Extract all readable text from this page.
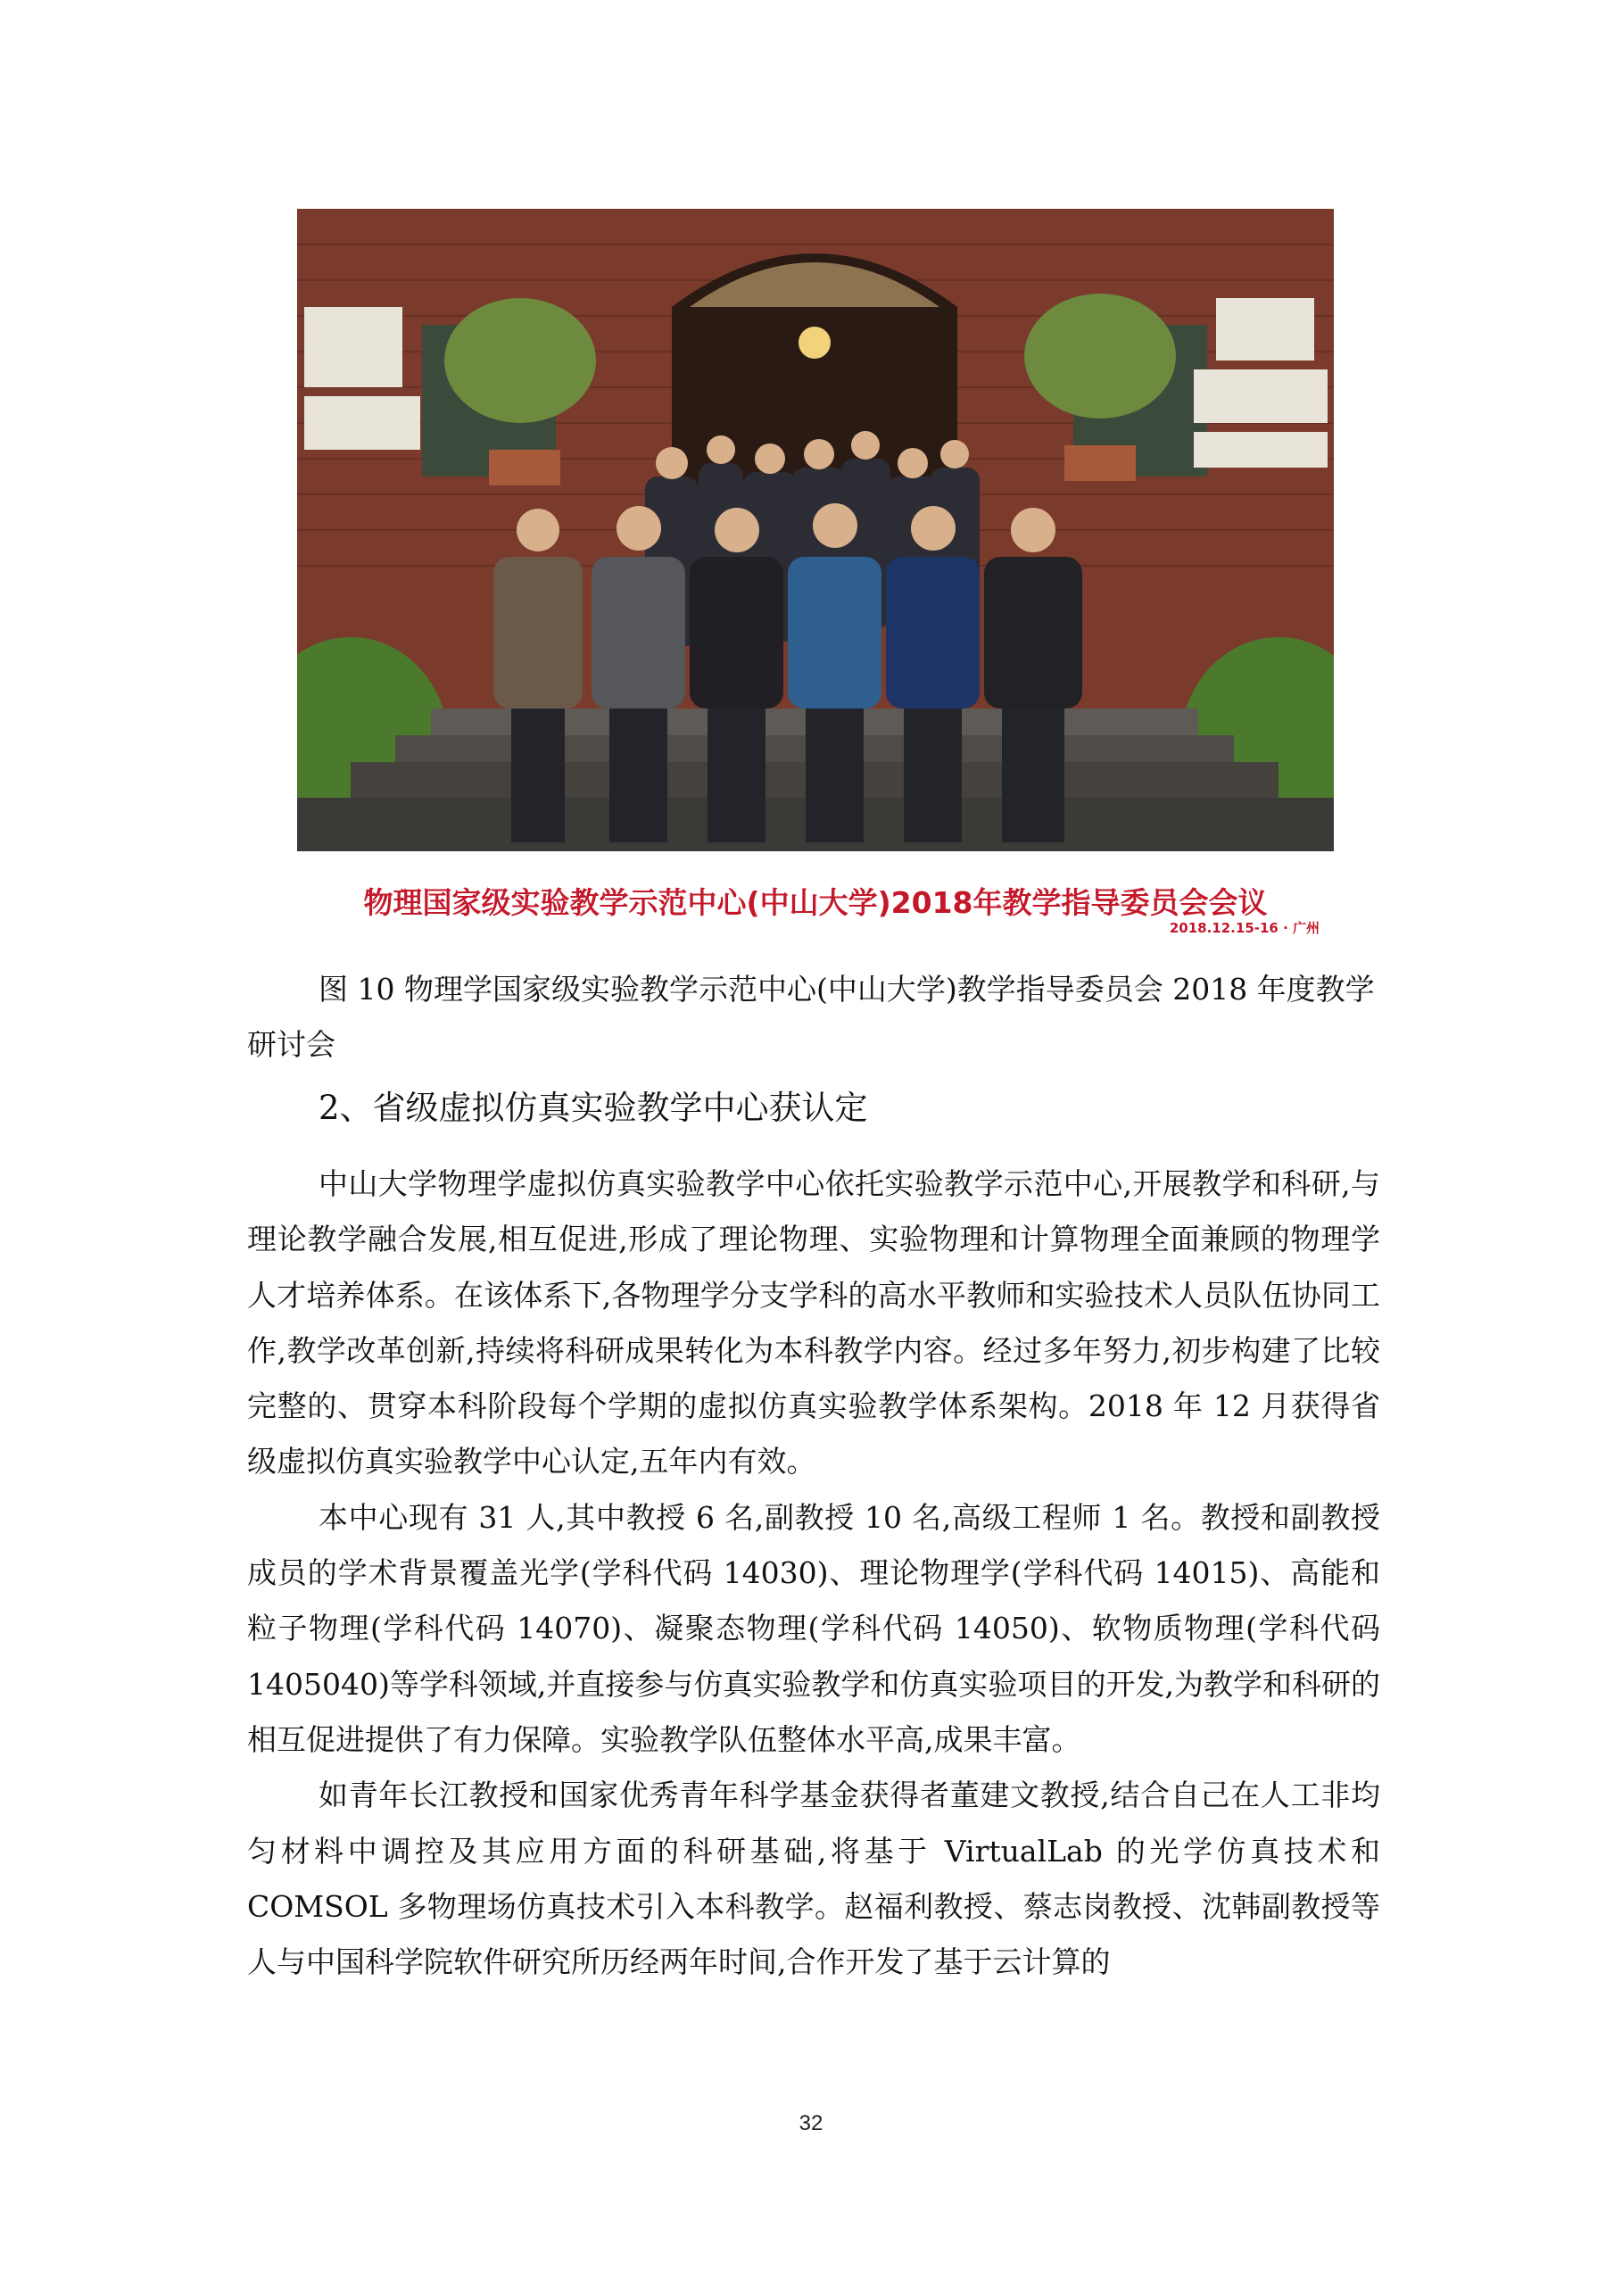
物理国家级实验教学示范中心(中山大学)2018年教学指导委员会会议
2018.12.15-16 · 广州
图 10 物理学国家级实验教学示范中心(中山大学)教学指导委员会 2018 年度教学研讨会
2、省级虚拟仿真实验教学中心获认定

中山大学物理学虚拟仿真实验教学中心依托实验教学示范中心,开展教学和科研,与理论教学融合发展,相互促进,形成了理论物理、实验物理和计算物理全面兼顾的物理学人才培养体系。在该体系下,各物理学分支学科的高水平教师和实验技术人员队伍协同工作,教学改革创新,持续将科研成果转化为本科教学内容。经过多年努力,初步构建了比较完整的、贯穿本科阶段每个学期的虚拟仿真实验教学体系架构。2018 年 12 月获得省级虚拟仿真实验教学中心认定,五年内有效。

本中心现有 31 人,其中教授 6 名,副教授 10 名,高级工程师 1 名。教授和副教授成员的学术背景覆盖光学(学科代码 14030)、理论物理学(学科代码 14015)、高能和粒子物理(学科代码 14070)、凝聚态物理(学科代码 14050)、软物质物理(学科代码 1405040)等学科领域,并直接参与仿真实验教学和仿真实验项目的开发,为教学和科研的相互促进提供了有力保障。实验教学队伍整体水平高,成果丰富。

如青年长江教授和国家优秀青年科学基金获得者董建文教授,结合自己在人工非均匀材料中调控及其应用方面的科研基础,将基于 VirtualLab 的光学仿真技术和 COMSOL 多物理场仿真技术引入本科教学。赵福利教授、蔡志岗教授、沈韩副教授等人与中国科学院软件研究所历经两年时间,合作开发了基于云计算的

32
